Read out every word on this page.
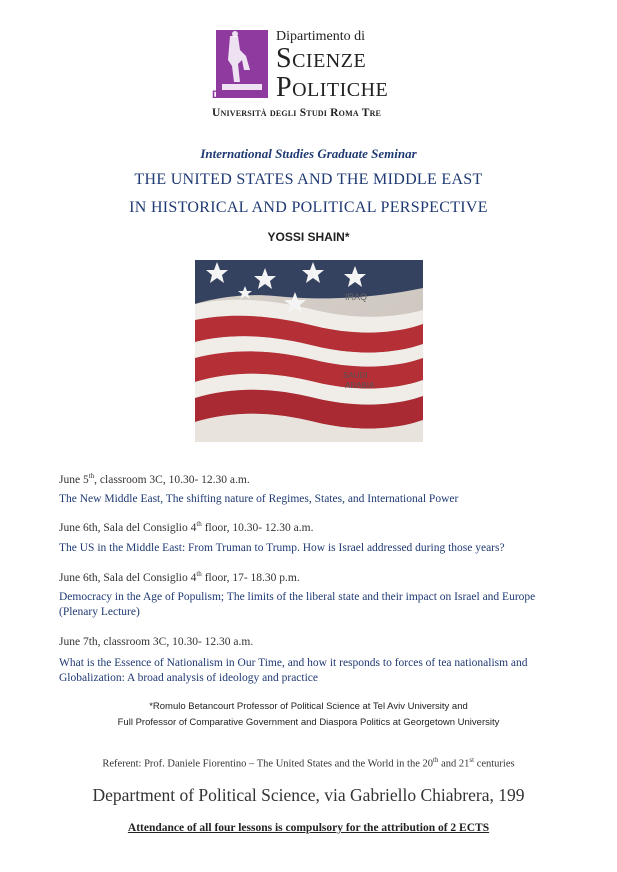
DISCIPOL
Dipartimento di
Scienze
Politiche
Università degli Studi Roma Tre
International Studies Graduate Seminar
THE UNITED STATES AND THE MIDDLE EAST
IN HISTORICAL AND POLITICAL PERSPECTIVE
YOSSI SHAIN*
IRAQ
SAUDI
ARABIA
June 5th, classroom 3C, 10.30- 12.30 a.m.
The New Middle East, The shifting nature of Regimes, States, and International Power
June 6th, Sala del Consiglio 4th floor, 10.30- 12.30 a.m.
The US in the Middle East: From Truman to Trump. How is Israel addressed during those years?
June 6th, Sala del Consiglio 4th floor, 17- 18.30 p.m.
Democracy in the Age of Populism; The limits of the liberal state and their impact on Israel and Europe (Plenary Lecture)
June 7th, classroom 3C, 10.30- 12.30 a.m.
What is the Essence of Nationalism in Our Time, and how it responds to forces of tea nationalism and Globalization: A broad analysis of ideology and practice
*Romulo Betancourt Professor of Political Science at Tel Aviv University and
Full Professor of Comparative Government and Diaspora Politics at Georgetown University
Referent: Prof. Daniele Fiorentino – The United States and the World in the 20th and 21st centuries
Department of Political Science, via Gabriello Chiabrera, 199
Attendance of all four lessons is compulsory for the attribution of 2 ECTS
